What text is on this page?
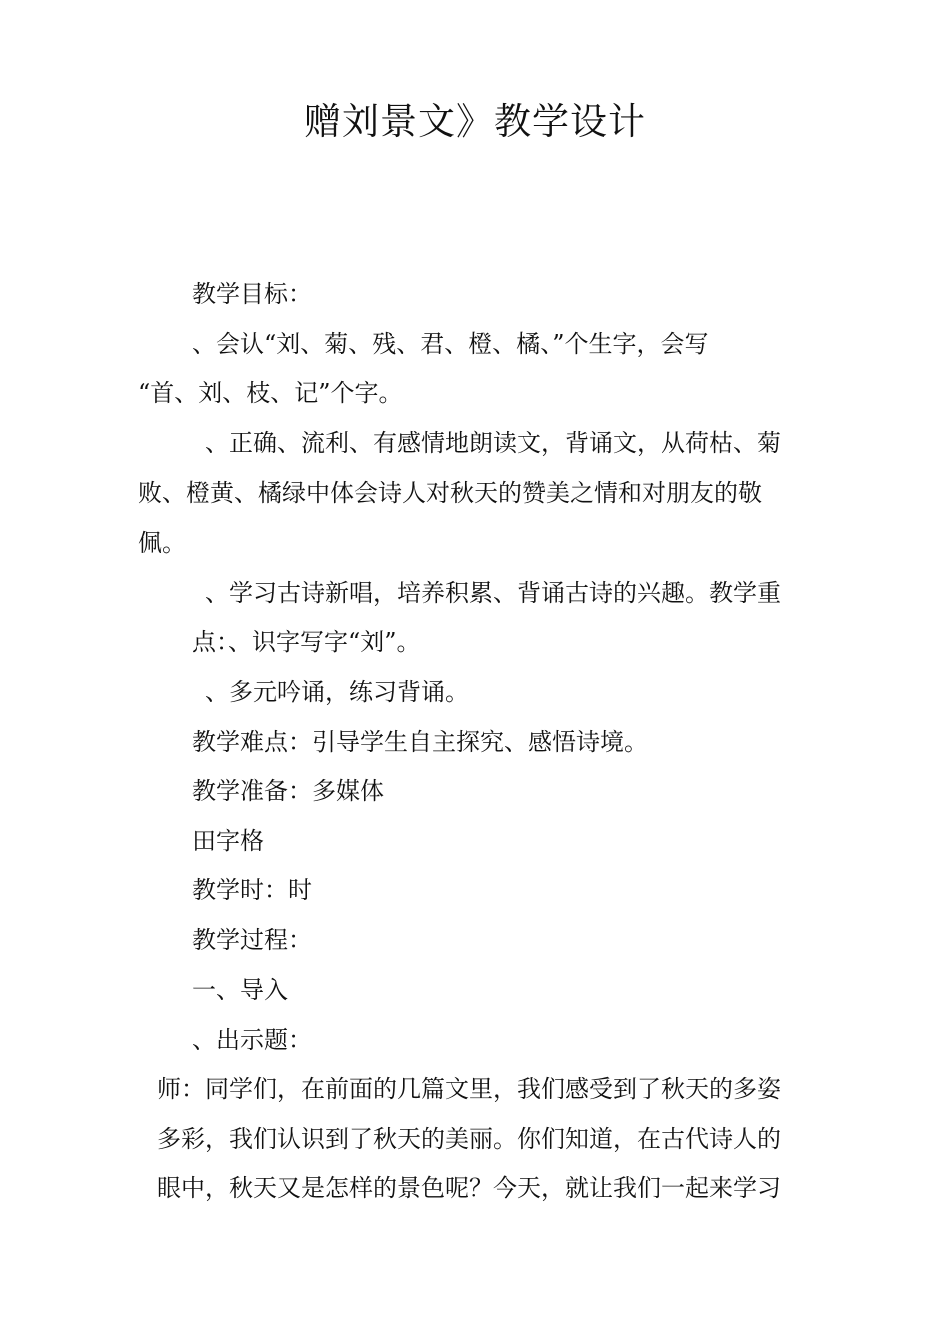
赠刘景文》教学设计
教学目标：
、会认“刘、菊、残、君、橙、橘、”个生字，会写
“首、刘、枝、记”个字。
、正确、流利、有感情地朗读文，背诵文，从荷枯、菊
败、橙黄、橘绿中体会诗人对秋天的赞美之情和对朋友的敬
佩。
、学习古诗新唱，培养积累、背诵古诗的兴趣。教学重
点：、识字写字“刘”。
、多元吟诵，练习背诵。
教学难点：引导学生自主探究、感悟诗境。
教学准备：多媒体
田字格
教学时：时
教学过程：
一、导入
、出示题：
师：同学们，在前面的几篇文里，我们感受到了秋天的多姿
多彩，我们认识到了秋天的美丽。你们知道，在古代诗人的
眼中，秋天又是怎样的景色呢？今天，就让我们一起来学习
